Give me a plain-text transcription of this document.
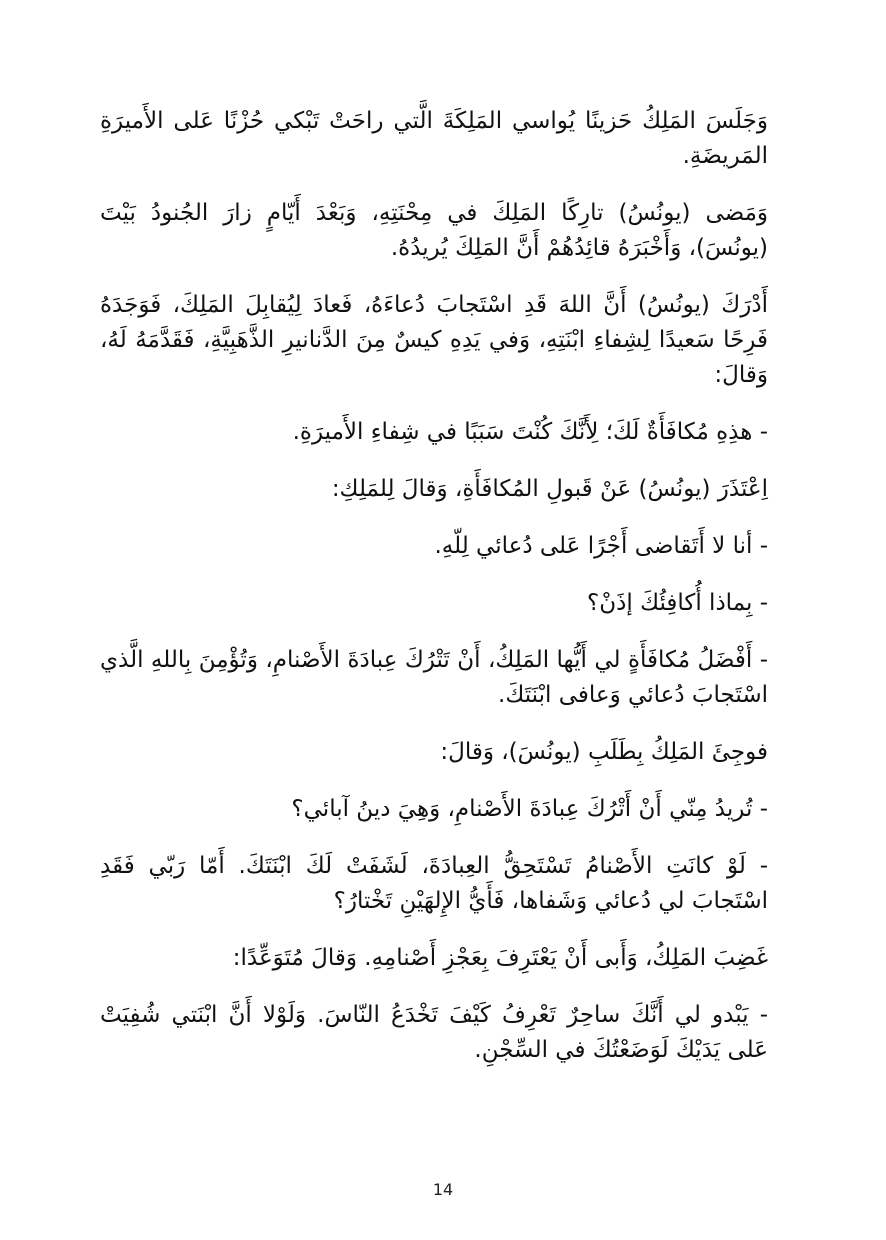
وَجَلَسَ المَلِكُ حَزينًا يُواسي المَلِكَةَ الَّتي راحَتْ تَبْكي حُزْنًا عَلى الأَميرَةِ المَريضَةِ.

وَمَضى (يونُسُ) تارِكًا المَلِكَ في مِحْنَتِهِ، وَبَعْدَ أَيّامٍ زارَ الجُنودُ بَيْتَ (يونُسَ)، وَأَخْبَرَهُ قائِدُهُمْ أَنَّ المَلِكَ يُريدُهُ.

أَدْرَكَ (يونُسُ) أَنَّ اللهَ قَدِ اسْتَجابَ دُعاءَهُ، فَعادَ لِيُقابِلَ المَلِكَ، فَوَجَدَهُ فَرِحًا سَعيدًا لِشِفاءِ ابْنَتِهِ، وَفي يَدِهِ كيسٌ مِنَ الدَّنانيرِ الذَّهَبِيَّةِ، فَقَدَّمَهُ لَهُ، وَقالَ:

- هذِهِ مُكافَأَةٌ لَكَ؛ لِأَنَّكَ كُنْتَ سَبَبًا في شِفاءِ الأَميرَةِ.

اِعْتَذَرَ (يونُسُ) عَنْ قَبولِ المُكافَأَةِ، وَقالَ لِلمَلِكِ:

- أنا لا أَتَقاضى أَجْرًا عَلى دُعائي لِلّهِ.

- بِماذا أُكافِئُكَ إذَنْ؟

- أَفْضَلُ مُكافَأَةٍ لي أَيُّها المَلِكُ، أَنْ تَتْرُكَ عِبادَةَ الأَصْنامِ، وَتُؤْمِنَ بِاللهِ الَّذي اسْتَجابَ دُعائي وَعافى ابْنَتَكَ.

فوجِئَ المَلِكُ بِطَلَبِ (يونُسَ)، وَقالَ:

- تُريدُ مِنّي أَنْ أَتْرُكَ عِبادَةَ الأَصْنامِ، وَهِيَ دينُ آبائي؟

- لَوْ كانَتِ الأَصْنامُ تَسْتَحِقُّ العِبادَةَ، لَشَفَتْ لَكَ ابْنَتَكَ. أَمّا رَبّي فَقَدِ اسْتَجابَ لي دُعائي وَشَفاها، فَأَيُّ الإِلهَيْنِ تَخْتارُ؟

غَضِبَ المَلِكُ، وَأَبى أَنْ يَعْتَرِفَ بِعَجْزِ أَصْنامِهِ. وَقالَ مُتَوَعِّدًا:

- يَبْدو لي أَنَّكَ ساحِرٌ تَعْرِفُ كَيْفَ تَخْدَعُ النّاسَ. وَلَوْلا أَنَّ ابْنَتي شُفِيَتْ عَلى يَدَيْكَ لَوَضَعْتُكَ في السِّجْنِ.

14
